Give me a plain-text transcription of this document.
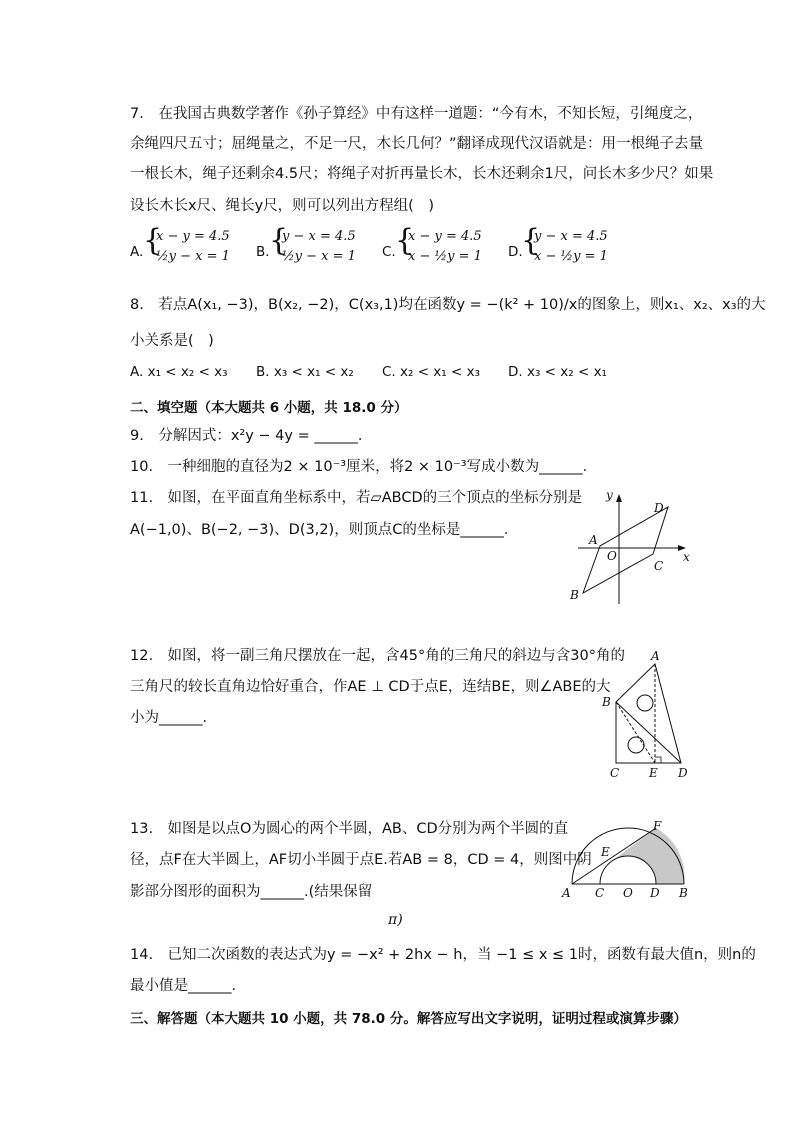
7.　在我国古典数学著作《孙子算经》中有这样一道题：“今有木，不知长短，引绳度之，
余绳四尺五寸；屈绳量之，不足一尺，木长几何？”翻译成现代汉语就是：用一根绳子去量
一根长木，绳子还剩余4.5尺；将绳子对折再量长木，长木还剩余1尺，问长木多少尺？如果
设长木长x尺、绳长y尺，则可以列出方程组(　)
A. {
x − y = 4.5
½y − x = 1 B. {
y − x = 4.5
½y − x = 1 C. {
x − y = 4.5
x − ½y = 1 D.
{
y − x = 4.5
x − ½y = 1
8.　若点A(x₁, −3)，B(x₂, −2)，C(x₃,1)均在函数y = −(k² + 10)/x的图象上，则x₁、x₂、x₃的大
小关系是(　)
A. x₁ < x₂ < x₃ B. x₃ < x₁ < x₂ C. x₂ < x₁ < x₃ D. x₃ < x₂ < x₁
二、填空题（本大题共 6 小题，共 18.0 分）
9.　分解因式：x²y − 4y = ______．
10.　一种细胞的直径为2 × 10⁻³厘米，将2 × 10⁻³写成小数为______．
11.　如图，在平面直角坐标系中，若▱ABCD的三个顶点的坐标分别是
A(−1,0)、B(−2, −3)、D(3,2)，则顶点C的坐标是______．
y
x
A
O
D
C
B
12.　如图，将一副三角尺摆放在一起，含45°角的三角尺的斜边与含30°角的
三角尺的较长直角边恰好重合，作AE ⊥ CD于点E，连结BE，则∠ABE的大
小为______．
A
B
C E D
13.　如图是以点O为圆心的两个半圆，AB、CD分别为两个半圆的直
径，点F在大半圆上，AF切小半圆于点E.若AB = 8，CD = 4，则图中阴
影部分图形的面积为______.(结果保留
π)
F
E
A C O D B
14.　已知二次函数的表达式为y = −x² + 2hx − h，当 −1 ≤ x ≤ 1时，函数有最大值n，则n的
最小值是______．
三、解答题（本大题共 10 小题，共 78.0 分。解答应写出文字说明，证明过程或演算步骤）
